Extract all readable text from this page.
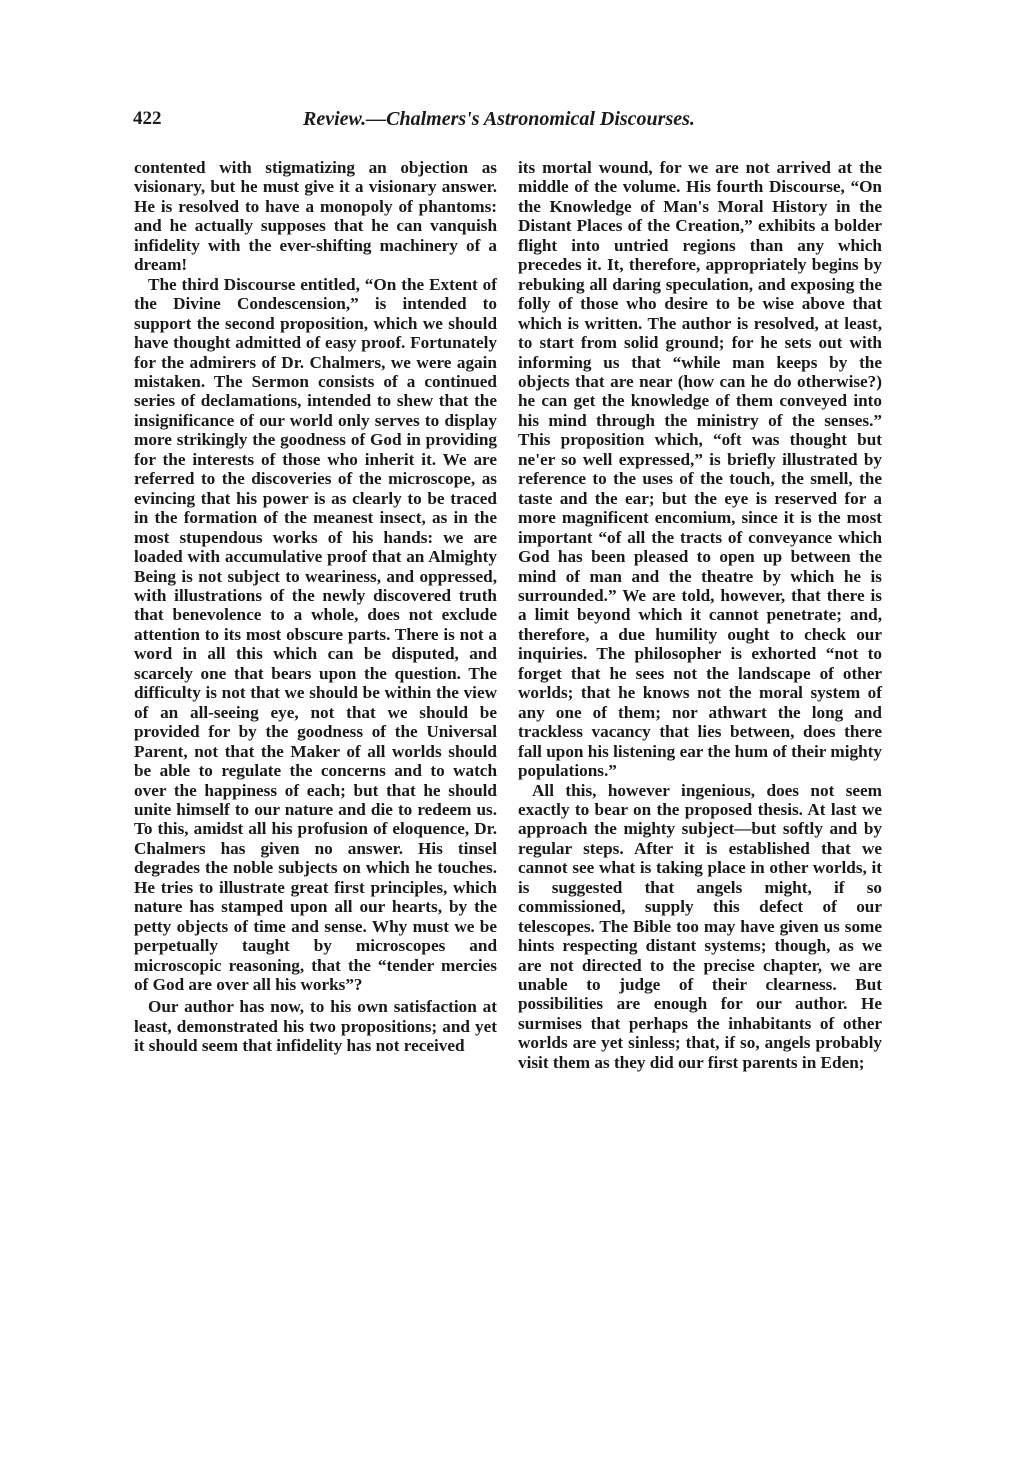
422	Review.—Chalmers's Astronomical Discourses.

contented with stigmatizing an objection as visionary, but he must give it a visionary answer. He is resolved to have a monopoly of phantoms: and he actually supposes that he can vanquish infidelity with the ever-shifting machinery of a dream!

The third Discourse entitled, “On the Extent of the Divine Condescension,” is intended to support the second proposition, which we should have thought admitted of easy proof. Fortunately for the admirers of Dr. Chalmers, we were again mistaken. The Sermon consists of a continued series of declamations, intended to shew that the insignificance of our world only serves to display more strikingly the goodness of God in providing for the interests of those who inherit it. We are referred to the discoveries of the microscope, as evincing that his power is as clearly to be traced in the formation of the meanest insect, as in the most stupendous works of his hands: we are loaded with accumulative proof that an Almighty Being is not subject to weariness, and oppressed, with illustrations of the newly discovered truth that benevolence to a whole, does not exclude attention to its most obscure parts. There is not a word in all this which can be disputed, and scarcely one that bears upon the question. The difficulty is not that we should be within the view of an all-seeing eye, not that we should be provided for by the goodness of the Universal Parent, not that the Maker of all worlds should be able to regulate the concerns and to watch over the happiness of each; but that he should unite himself to our nature and die to redeem us. To this, amidst all his profusion of eloquence, Dr. Chalmers has given no answer. His tinsel degrades the noble subjects on which he touches. He tries to illustrate great first principles, which nature has stamped upon all our hearts, by the petty objects of time and sense. Why must we be perpetually taught by microscopes and microscopic reasoning, that the “tender mercies of God are over all his works”?

Our author has now, to his own satisfaction at least, demonstrated his two propositions; and yet it should seem that infidelity has not received

its mortal wound, for we are not arrived at the middle of the volume. His fourth Discourse, “On the Knowledge of Man's Moral History in the Distant Places of the Creation,” exhibits a bolder flight into untried regions than any which precedes it. It, therefore, appropriately begins by rebuking all daring speculation, and exposing the folly of those who desire to be wise above that which is written. The author is resolved, at least, to start from solid ground; for he sets out with informing us that “while man keeps by the objects that are near (how can he do otherwise?) he can get the knowledge of them conveyed into his mind through the ministry of the senses.” This proposition which, “oft was thought but ne'er so well expressed,” is briefly illustrated by reference to the uses of the touch, the smell, the taste and the ear; but the eye is reserved for a more magnificent encomium, since it is the most important “of all the tracts of conveyance which God has been pleased to open up between the mind of man and the theatre by which he is surrounded.” We are told, however, that there is a limit beyond which it cannot penetrate; and, therefore, a due humility ought to check our inquiries. The philosopher is exhorted “not to forget that he sees not the landscape of other worlds; that he knows not the moral system of any one of them; nor athwart the long and trackless vacancy that lies between, does there fall upon his listening ear the hum of their mighty populations.”

All this, however ingenious, does not seem exactly to bear on the proposed thesis. At last we approach the mighty subject—but softly and by regular steps. After it is established that we cannot see what is taking place in other worlds, it is suggested that angels might, if so commissioned, supply this defect of our telescopes. The Bible too may have given us some hints respecting distant systems; though, as we are not directed to the precise chapter, we are unable to judge of their clearness. But possibilities are enough for our author. He surmises that perhaps the inhabitants of other worlds are yet sinless; that, if so, angels probably visit them as they did our first parents in Eden;
